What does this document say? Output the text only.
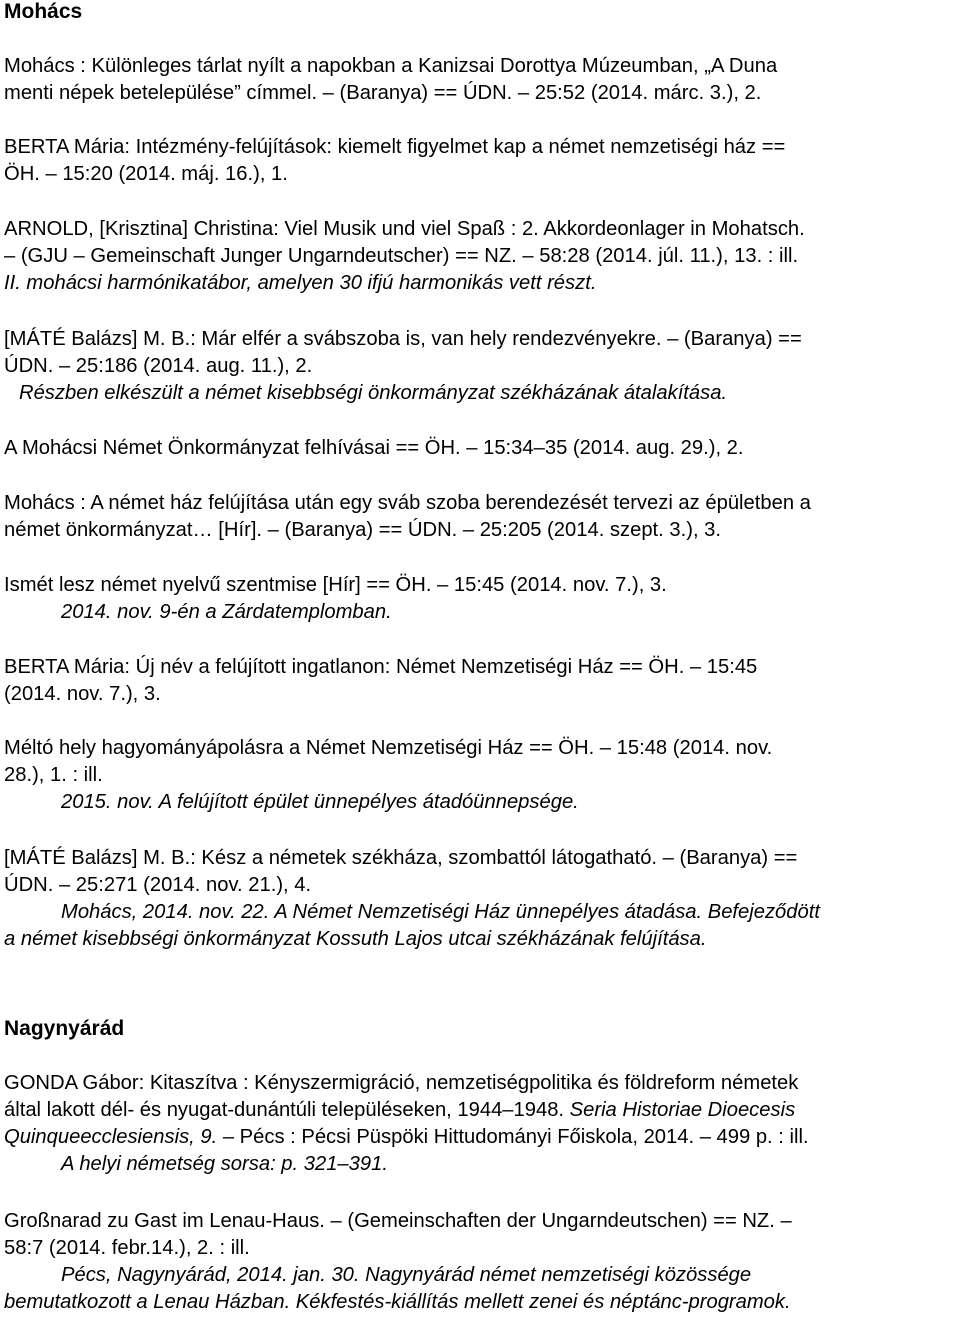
Mohács

Mohács : Különleges tárlat nyílt a napokban a Kanizsai Dorottya Múzeumban, „A Duna
menti népek betelepülése” címmel. – (Baranya) == ÚDN. – 25:52 (2014. márc. 3.), 2.

BERTA Mária: Intézmény-felújítások: kiemelt figyelmet kap a német nemzetiségi ház ==
ÖH. – 15:20 (2014. máj. 16.), 1.

ARNOLD, [Krisztina] Christina: Viel Musik und viel Spaß : 2. Akkordeonlager in Mohatsch.
– (GJU – Gemeinschaft Junger Ungarndeutscher) == NZ. – 58:28 (2014. júl. 11.), 13. : ill.
II. mohácsi harmónikatábor, amelyen 30 ifjú harmonikás vett részt.

[MÁTÉ Balázs] M. B.: Már elfér a svábszoba is, van hely rendezvényekre. – (Baranya) ==
ÚDN. – 25:186 (2014. aug. 11.), 2.
Részben elkészült a német kisebbségi önkormányzat székházának átalakítása.

A Mohácsi Német Önkormányzat felhívásai == ÖH. – 15:34–35 (2014. aug. 29.), 2.

Mohács : A német ház felújítása után egy sváb szoba berendezését tervezi az épületben a
német önkormányzat… [Hír]. – (Baranya) == ÚDN. – 25:205 (2014. szept. 3.), 3.

Ismét lesz német nyelvű szentmise [Hír] == ÖH. – 15:45 (2014. nov. 7.), 3.
2014. nov. 9-én a Zárdatemplomban.

BERTA Mária: Új név a felújított ingatlanon: Német Nemzetiségi Ház == ÖH. – 15:45
(2014. nov. 7.), 3.

Méltó hely hagyományápolásra a Német Nemzetiségi Ház == ÖH. – 15:48 (2014. nov.
28.), 1. : ill.
2015. nov. A felújított épület ünnepélyes átadóünnepsége.

[MÁTÉ Balázs] M. B.: Kész a németek székháza, szombattól látogatható. – (Baranya) ==
ÚDN. – 25:271 (2014. nov. 21.), 4.
Mohács, 2014. nov. 22. A Német Nemzetiségi Ház ünnepélyes átadása. Befejeződött
a német kisebbségi önkormányzat Kossuth Lajos utcai székházának felújítása.

Nagynyárád

GONDA Gábor: Kitaszítva : Kényszermigráció, nemzetiségpolitika és földreform németek
által lakott dél- és nyugat-dunántúli településeken, 1944–1948. Seria Historiae Dioecesis
Quinqueecclesiensis, 9. – Pécs : Pécsi Püspöki Hittudományi Főiskola, 2014. – 499 p. : ill.
A helyi németség sorsa: p. 321–391.

Großnarad zu Gast im Lenau-Haus. – (Gemeinschaften der Ungarndeutschen) == NZ. –
58:7 (2014. febr.14.), 2. : ill.
Pécs, Nagynyárád, 2014. jan. 30. Nagynyárád német nemzetiségi közössége
bemutatkozott a Lenau Házban. Kékfestés-kiállítás mellett zenei és néptánc-programok.
